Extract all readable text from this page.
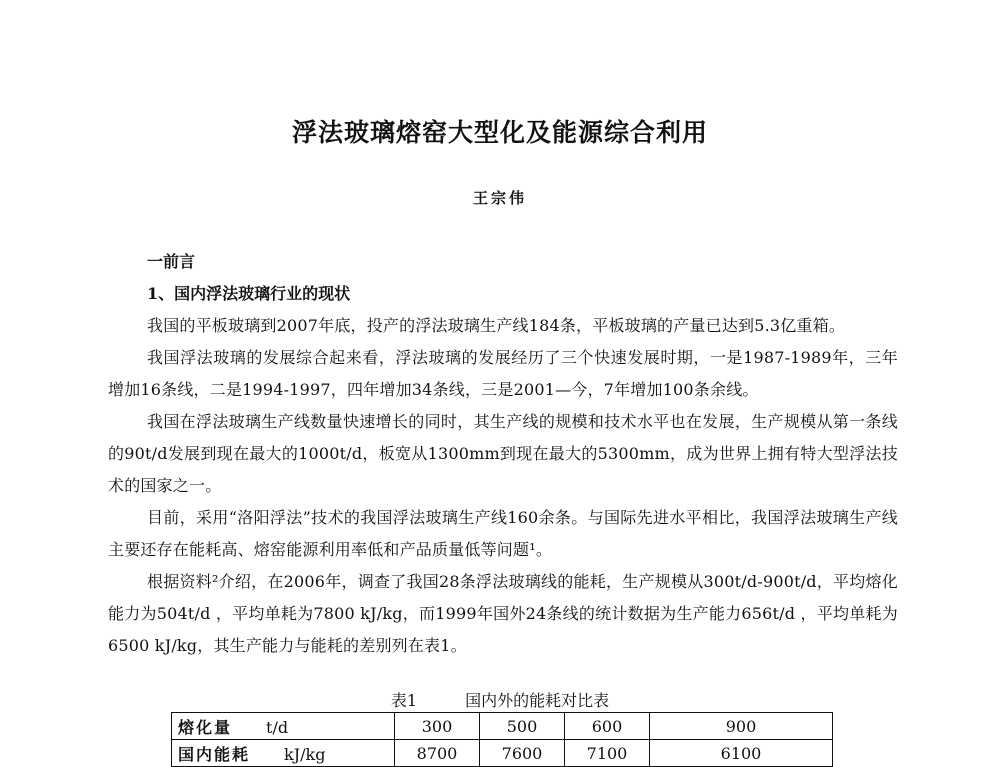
浮法玻璃熔窑大型化及能源综合利用
王宗伟
一前言
1、国内浮法玻璃行业的现状

我国的平板玻璃到2007年底，投产的浮法玻璃生产线184条，平板玻璃的产量已达到5.3亿重箱。

我国浮法玻璃的发展综合起来看，浮法玻璃的发展经历了三个快速发展时期，一是1987-1989年，三年增加16条线，二是1994-1997，四年增加34条线，三是2001—今，7年增加100条余线。

我国在浮法玻璃生产线数量快速增长的同时，其生产线的规模和技术水平也在发展，生产规模从第一条线的90t/d发展到现在最大的1000t/d，板宽从1300mm到现在最大的5300mm，成为世界上拥有特大型浮法技术的国家之一。

目前，采用“洛阳浮法”技术的我国浮法玻璃生产线160余条。与国际先进水平相比，我国浮法玻璃生产线主要还存在能耗高、熔窑能源利用率低和产品质量低等问题¹。

根据资料²介绍，在2006年，调查了我国28条浮法玻璃线的能耗，生产规模从300t/d-900t/d，平均熔化能力为504t/d ，平均单耗为7800 kJ/kg，而1999年国外24条线的统计数据为生产能力656t/d ，平均单耗为6500 kJ/kg，其生产能力与能耗的差别列在表1。

表1	国内外的能耗对比表
熔化量 t/d	300	500	600	900
国内能耗 kJ/kg	8700	7600	7100	6100
